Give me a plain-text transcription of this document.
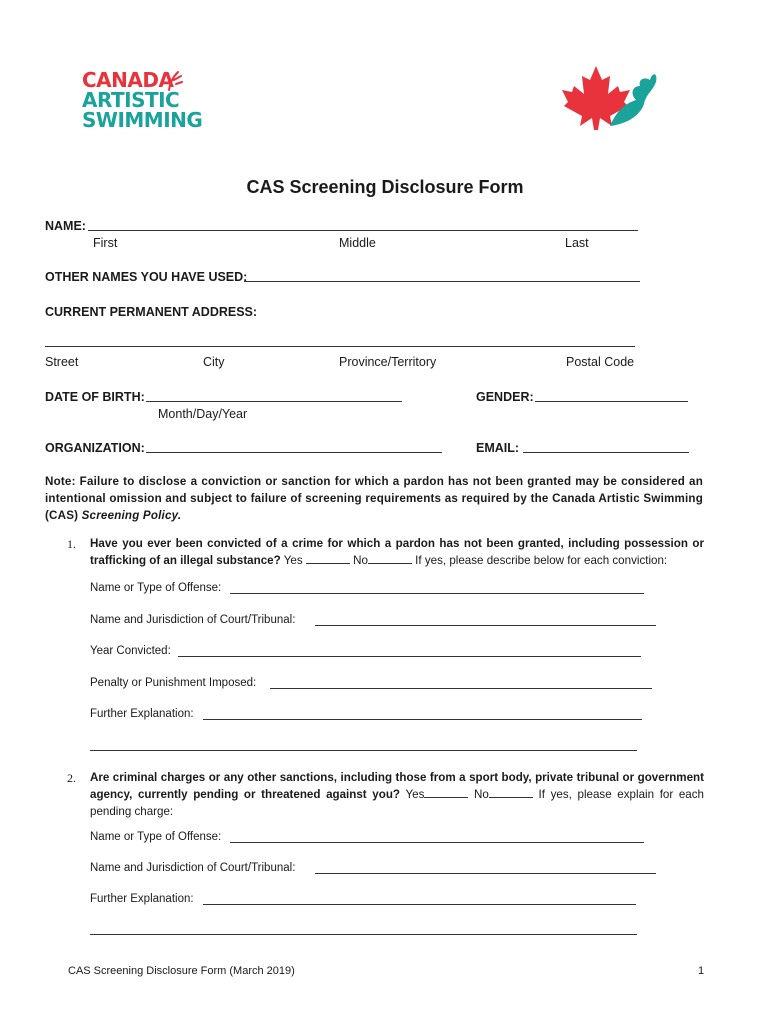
CANADA
ARTISTIC
SWIMMING
CAS Screening Disclosure Form
NAME:
First	Middle	Last
OTHER NAMES YOU HAVE USED:
CURRENT PERMANENT ADDRESS:
Street	City	Province/Territory	Postal Code
DATE OF BIRTH:
Month/Day/Year
GENDER:
ORGANIZATION:	EMAIL:
Note: Failure to disclose a conviction or sanction for which a pardon has not been granted may be considered an intentional omission and subject to failure of screening requirements as required by the Canada Artistic Swimming (CAS) Screening Policy.
1. Have you ever been convicted of a crime for which a pardon has not been granted, including possession or trafficking of an illegal substance? Yes	No	If yes, please describe below for each conviction:
Name or Type of Offense:
Name and Jurisdiction of Court/Tribunal:
Year Convicted:
Penalty or Punishment Imposed:
Further Explanation:
2. Are criminal charges or any other sanctions, including those from a sport body, private tribunal or government agency, currently pending or threatened against you? Yes	No	If yes, please explain for each pending charge:
Name or Type of Offense:
Name and Jurisdiction of Court/Tribunal:
Further Explanation:
CAS Screening Disclosure Form (March 2019)	1
